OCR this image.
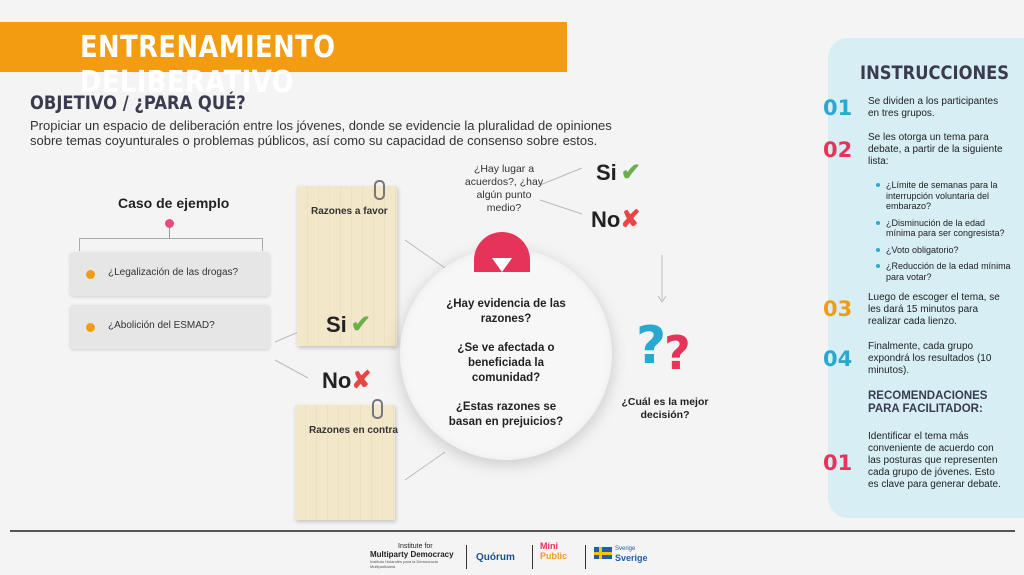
ENTRENAMIENTO DELIBERATIVO
OBJETIVO / ¿PARA QUÉ?
Propiciar un espacio de deliberación entre los jóvenes, donde se evidencie la pluralidad de opiniones
sobre temas coyunturales o problemas públicos, así como su capacidad de consenso sobre estos.
Caso de ejemplo
¿Legalización de las drogas?
¿Abolición del ESMAD?
Razones a favor
Razones en contra
Si ✔
No✘
¿Hay evidencia de las razones?
¿Se ve afectada o beneficiada la comunidad?
¿Estas razones se basan en prejuicios?
¿Hay lugar a acuerdos?, ¿hay algún punto medio?
Si ✔
No✘
?
?
¿Cuál es la mejor decisión?
INSTRUCCIONES
01 Se dividen a los participantes en tres grupos.
02
Se les otorga un tema para debate, a partir de la siguiente lista:
¿Límite de semanas para la interrupción voluntaria del embarazo?
¿Disminución de la edad mínima para ser congresista?
¿Voto obligatorio?
¿Reducción de la edad mínima para votar?
03 Luego de escoger el tema, se les dará 15 minutos para realizar cada lienzo.
04
Finalmente, cada grupo expondrá los resultados (10 minutos).
RECOMENDACIONES PARA FACILITADOR:
01
Identificar el tema más conveniente de acuerdo con las posturas que representen cada grupo de jóvenes. Esto es clave para generar debate.
Institute for
Multiparty Democracy
Instituto Holandés para la Democracia Multipartidaria
Quórum
Mini
Public
Sverige
Sverige
